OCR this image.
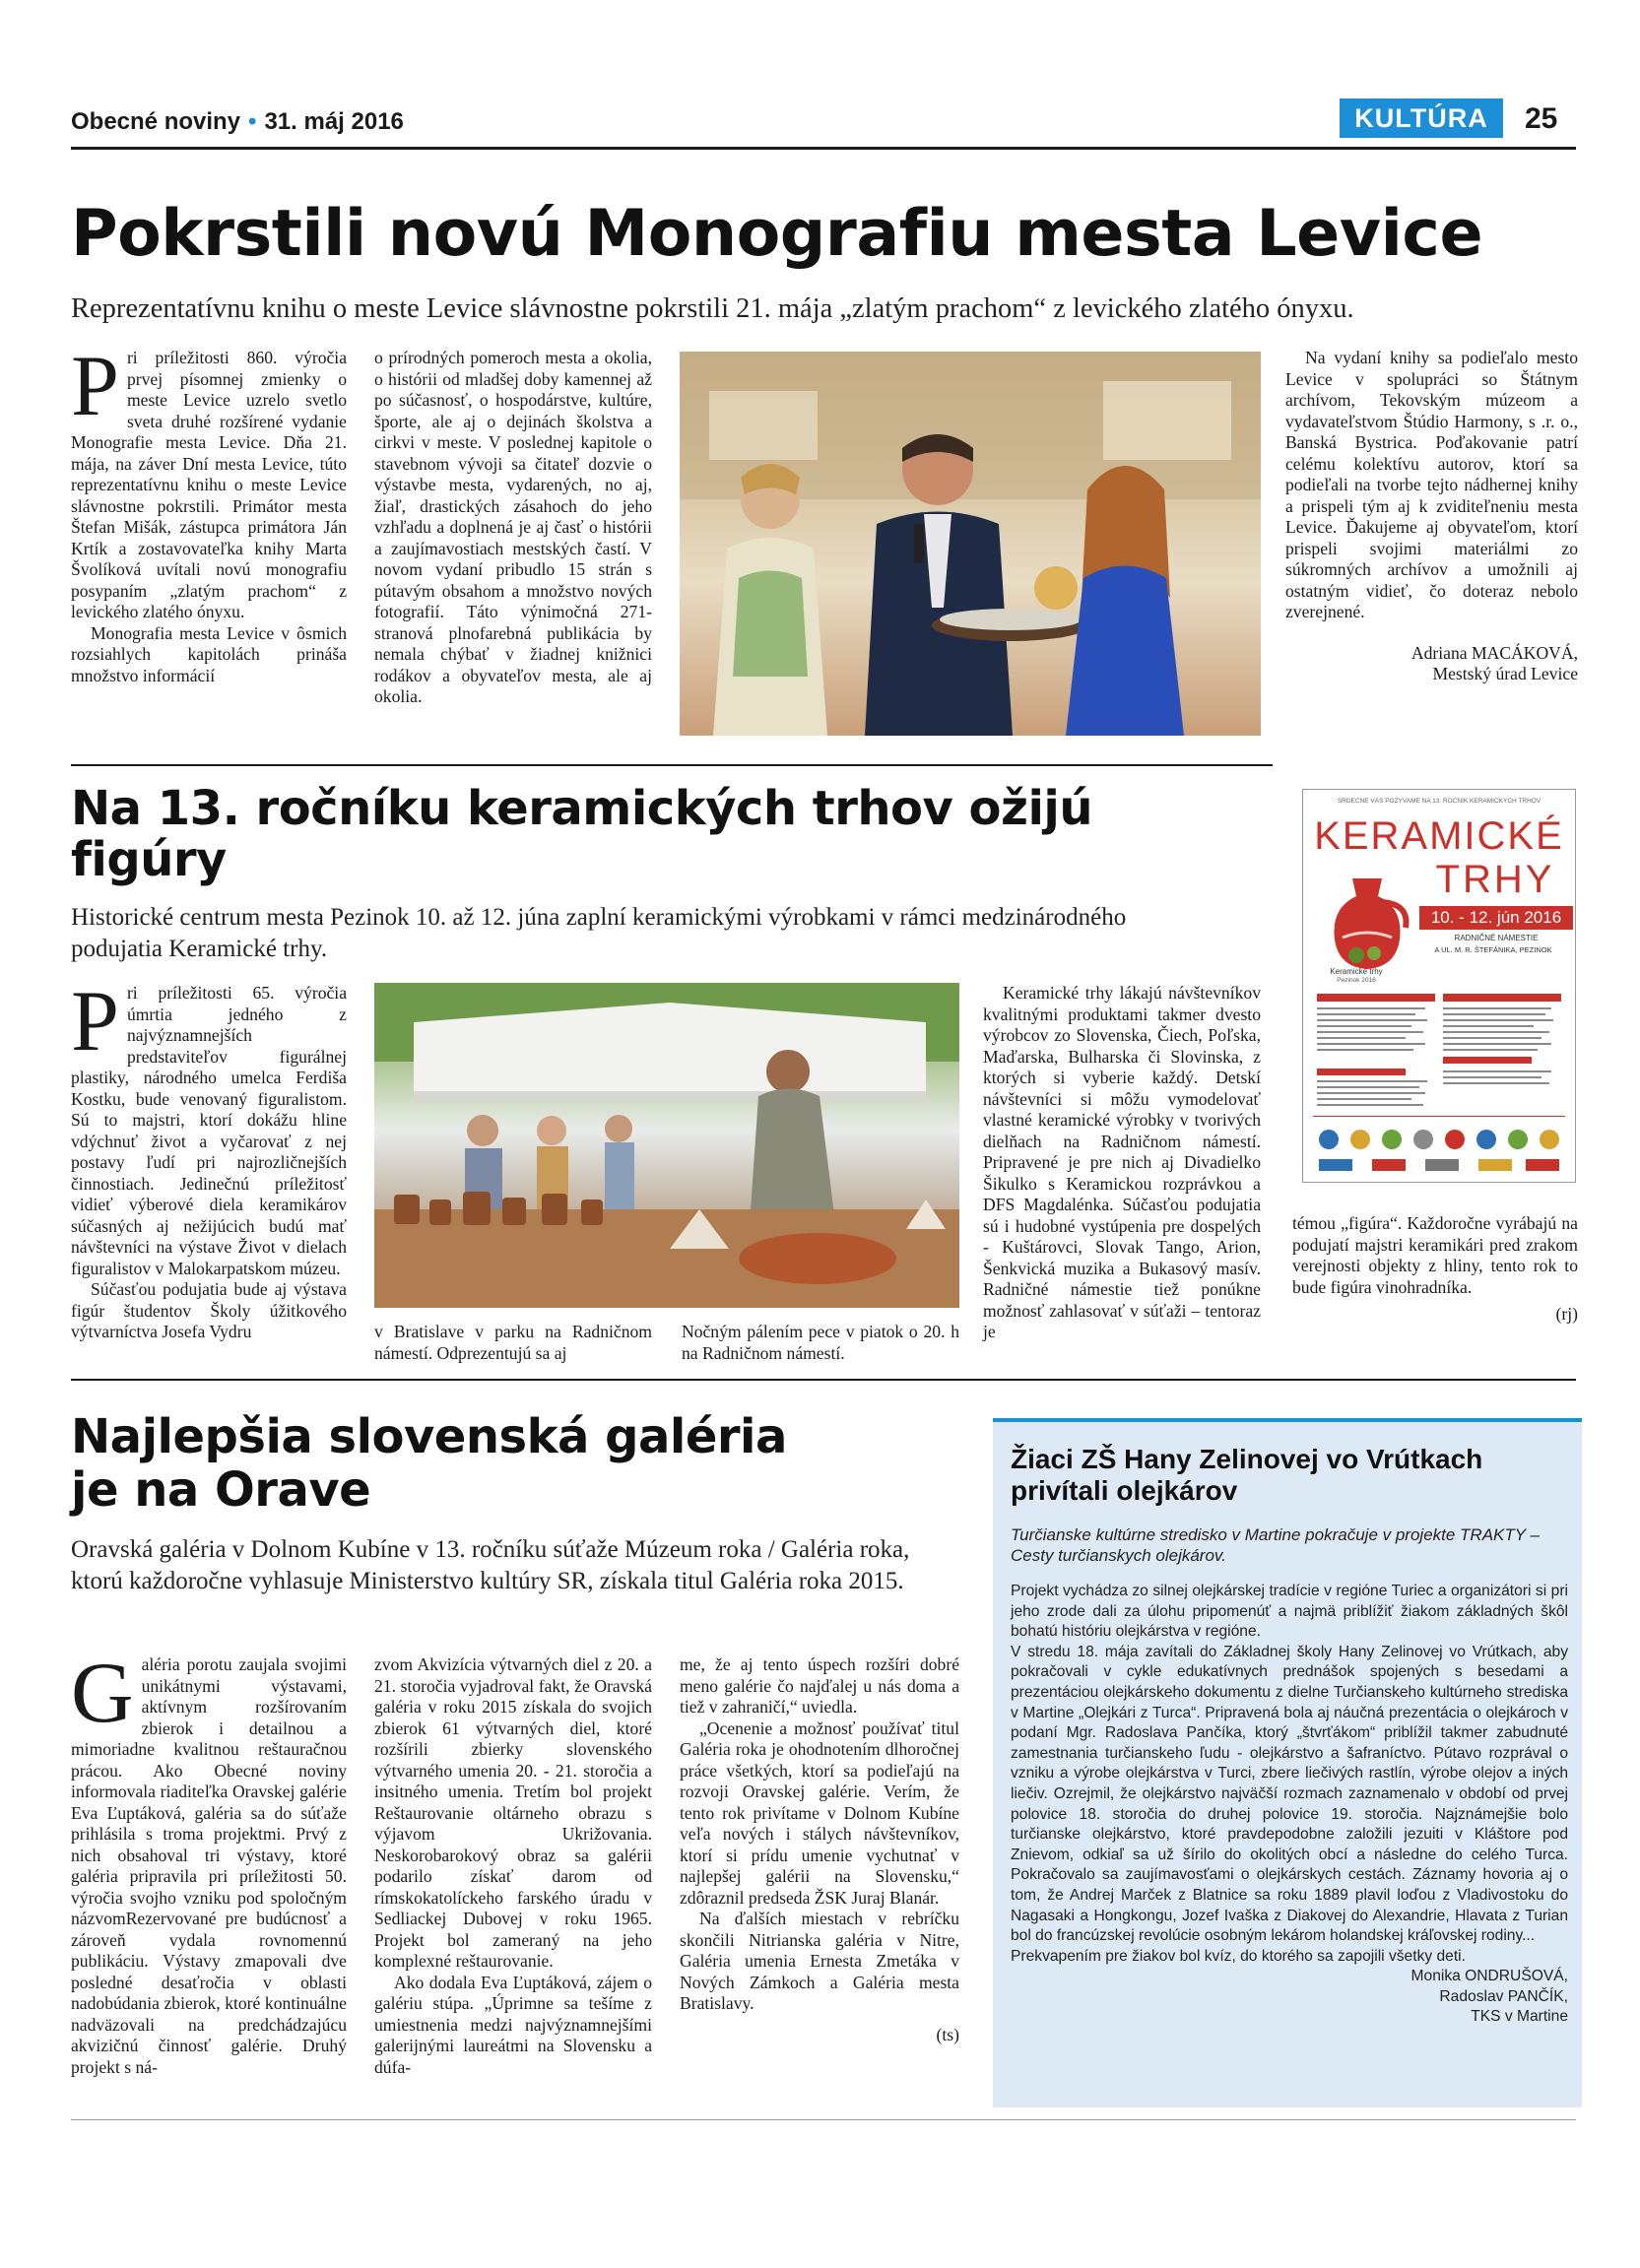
Obecné noviny • 31. máj 2016	KULTÚRA	25
Pokrstili novú Monografiu mesta Levice
Reprezentatívnu knihu o meste Levice slávnostne pokrstili 21. mája „zlatým prachom“ z levického zlatého ónyxu.

Pri príležitosti 860. výročia prvej písomnej zmienky o meste Levice uzrelo svetlo sveta druhé rozšírené vydanie Monografie mesta Levice. Dňa 21. mája, na záver Dní mesta Levice, túto reprezentatívnu knihu o meste Levice slávnostne pokrstili. Primátor mesta Štefan Mišák, zástupca primátora Ján Krtík a zostavovateľka knihy Marta Švolíková uvítali novú monografiu posypaním „zlatým prachom“ z levického zlatého ónyxu.

Monografia mesta Levice v ôsmich rozsiahlych kapitolách prináša množstvo informácií

o prírodných pomeroch mesta a okolia, o histórii od mladšej doby kamennej až po súčasnosť, o hospodárstve, kultúre, športe, ale aj o dejinách školstva a cirkvi v meste. V poslednej kapitole o stavebnom vývoji sa čitateľ dozvie o výstavbe mesta, vydarených, no aj, žiaľ, drastických zásahoch do jeho vzhľadu a doplnená je aj časť o histórii a zaujímavostiach mestských častí. V novom vydaní pribudlo 15 strán s pútavým obsahom a množstvo nových fotografií. Táto výnimočná 271-stranová plnofarebná publikácia by nemala chýbať v žiadnej knižnici rodákov a obyvateľov mesta, ale aj okolia.

Na vydaní knihy sa podieľalo mesto Levice v spolupráci so Štátnym archívom, Tekovským múzeom a vydavateľstvom Štúdio Harmony, s .r. o., Banská Bystrica. Poďakovanie patrí celému kolektívu autorov, ktorí sa podieľali na tvorbe tejto nádhernej knihy a prispeli tým aj k zviditeľneniu mesta Levice. Ďakujeme aj obyvateľom, ktorí prispeli svojimi materiálmi zo súkromných archívov a umožnili aj ostatným vidieť, čo doteraz nebolo zverejnené.

Adriana MACÁKOVÁ,

Mestský úrad Levice

Na 13. ročníku keramických trhov ožijú
figúry
Historické centrum mesta Pezinok 10. až 12. júna zaplní keramickými výrobkami v rámci medzinárodného podujatia Keramické trhy.

Pri príležitosti 65. výročia úmrtia jedného z najvýznamnejších predstaviteľov figurálnej plastiky, národného umelca Ferdiša Kostku, bude venovaný figuralistom. Sú to majstri, ktorí dokážu hline vdýchnuť život a vyčarovať z nej postavy ľudí pri najrozličnejších činnostiach. Jedinečnú príležitosť vidieť výberové diela keramikárov súčasných aj nežijúcich budú mať návštevníci na výstave Život v dielach figuralistov v Malokarpatskom múzeu.

Súčasťou podujatia bude aj výstava figúr študentov Školy úžitkového výtvarníctva Josefa Vydru	v Bratislave v parku na Radničnom námestí. Odprezentujú sa aj

Nočným pálením pece v piatok o 20. h na Radničnom námestí.

Keramické trhy lákajú návštevníkov kvalitnými produktami takmer dvesto výrobcov zo Slovenska, Čiech, Poľska, Maďarska, Bulharska či Slovinska, z ktorých si vyberie každý. Detskí návštevníci si môžu vymodelovať vlastné keramické výrobky v tvorivých dielňach na Radničnom námestí. Pripravené je pre nich aj Divadielko Šikulko s Keramickou rozprávkou a DFS Magdalénka. Súčasťou podujatia sú i hudobné vystúpenia pre dospelých - Kuštárovci, Slovak Tango, Arion, Šenkvická muzika a Bukasový masív. Radničné námestie tiež ponúkne možnosť zahlasovať v súťaži – tentoraz je

témou „figúra“. Každoročne vyrábajú na podujatí majstri keramikári pred zrakom verejnosti objekty z hliny, tento rok to bude figúra vinohradníka.

(rj)

SRDEČNE VÁS POZÝVAME NA 13. ROČNÍK KERAMICKÝCH TRHOV
KERAMICKÉ
TRHY
10. - 12. jún 2016
RADNIČNÉ NÁMESTIE
A UL. M. R. ŠTEFÁNIKA, PEZINOK
Keramické trhy
Pezinok 2016
Najlepšia slovenská galéria
je na Orave
Oravská galéria v Dolnom Kubíne v 13. ročníku súťaže Múzeum roka / Galéria roka, ktorú každoročne vyhlasuje Ministerstvo kultúry SR, získala titul Galéria roka 2015.

Galéria porotu zaujala svojimi unikátnymi výstavami, aktívnym rozšírovaním zbierok i detailnou a mimoriadne kvalitnou reštauračnou prácou. Ako Obecné noviny informovala riaditeľka Oravskej galérie Eva Ľuptáková, galéria sa do súťaže prihlásila s troma projektmi. Prvý z nich obsahoval tri výstavy, ktoré galéria pripravila pri príležitosti 50. výročia svojho vzniku pod spoločným názvomRezervované pre budúcnosť a zároveň vydala rovnomennú publikáciu. Výstavy zmapovali dve posledné desaťročia v oblasti nadobúdania zbierok, ktoré kontinuálne nadväzovali na predchádzajúcu akvizičnú činnosť galérie. Druhý projekt s ná-

zvom Akvizícia výtvarných diel z 20. a 21. storočia vyjadroval fakt, že Oravská galéria v roku 2015 získala do svojich zbierok 61 výtvarných diel, ktoré rozšírili zbierky slovenského výtvarného umenia 20. - 21. storočia a insitného umenia. Tretím bol projekt Reštaurovanie oltárneho obrazu s výjavom Ukrižovania. Neskorobarokový obraz sa galérii podarilo získať darom od rímskokatolíckeho farského úradu v Sedliackej Dubovej v roku 1965. Projekt bol zameraný na jeho komplexné reštaurovanie.

Ako dodala Eva Ľuptáková, zájem o galériu stúpa. „Úprimne sa tešíme z umiestnenia medzi najvýznamnejšími galerijnými laureátmi na Slovensku a dúfa-

me, že aj tento úspech rozšíri dobré meno galérie čo najďalej u nás doma a tiež v zahraničí,“ uviedla.

„Ocenenie a možnosť používať titul Galéria roka je ohodnotením dlhoročnej práce všetkých, ktorí sa podieľajú na rozvoji Oravskej galérie. Verím, že tento rok privítame v Dolnom Kubíne veľa nových i stálych návštevníkov, ktorí si prídu umenie vychutnať v najlepšej galérii na Slovensku,“ zdôraznil predseda ŽSK Juraj Blanár.

Na ďalších miestach v rebríčku skončili Nitrianska galéria v Nitre, Galéria umenia Ernesta Zmetáka v Nových Zámkoch a Galéria mesta Bratislavy.

(ts)

Žiaci ZŠ Hany Zelinovej vo Vrútkach privítali olejkárov
Turčianske kultúrne stredisko v Martine pokračuje v projekte TRAKTY – Cesty turčianskych olejkárov.

Projekt vychádza zo silnej olejkárskej tradície v regióne Turiec a organizátori si pri jeho zrode dali za úlohu pripomenúť a najmä priblížiť žiakom základných škôl bohatú históriu olejkárstva v regióne.

V stredu 18. mája zavítali do Základnej školy Hany Zelinovej vo Vrútkach, aby pokračovali v cykle edukatívnych prednášok spojených s besedami a prezentáciou olejkárskeho dokumentu z dielne Turčianskeho kultúrneho strediska v Martine „Olejkári z Turca“. Pripravená bola aj náučná prezentácia o olejkároch v podaní Mgr. Radoslava Pančíka, ktorý „štvrťákom“ priblížil takmer zabudnuté zamestnania turčianskeho ľudu - olejkárstvo a šafraníctvo. Pútavo rozprával o vzniku a výrobe olejkárstva v Turci, zbere liečivých rastlín, výrobe olejov a iných liečiv. Ozrejmil, že olejkárstvo najväčší rozmach zaznamenalo v období od prvej polovice 18. storočia do druhej polovice 19. storočia. Najznámejšie bolo turčianske olejkárstvo, ktoré pravdepodobne založili jezuiti v Kláštore pod Znievom, odkiaľ sa už šírilo do okolitých obcí a následne do celého Turca. Pokračovalo sa zaujímavosťami o olejkárskych cestách. Záznamy hovoria aj o tom, že Andrej Marček z Blatnice sa roku 1889 plavil loďou z Vladivostoku do Nagasaki a Hongkongu, Jozef Ivaška z Diakovej do Alexandrie, Hlavata z Turian bol do francúzskej revolúcie osobným lekárom holandskej kráľovskej rodiny...

Prekvapením pre žiakov bol kvíz, do ktorého sa zapojili všetky deti.

Monika ONDRUŠOVÁ,

Radoslav PANČÍK,

TKS v Martine
